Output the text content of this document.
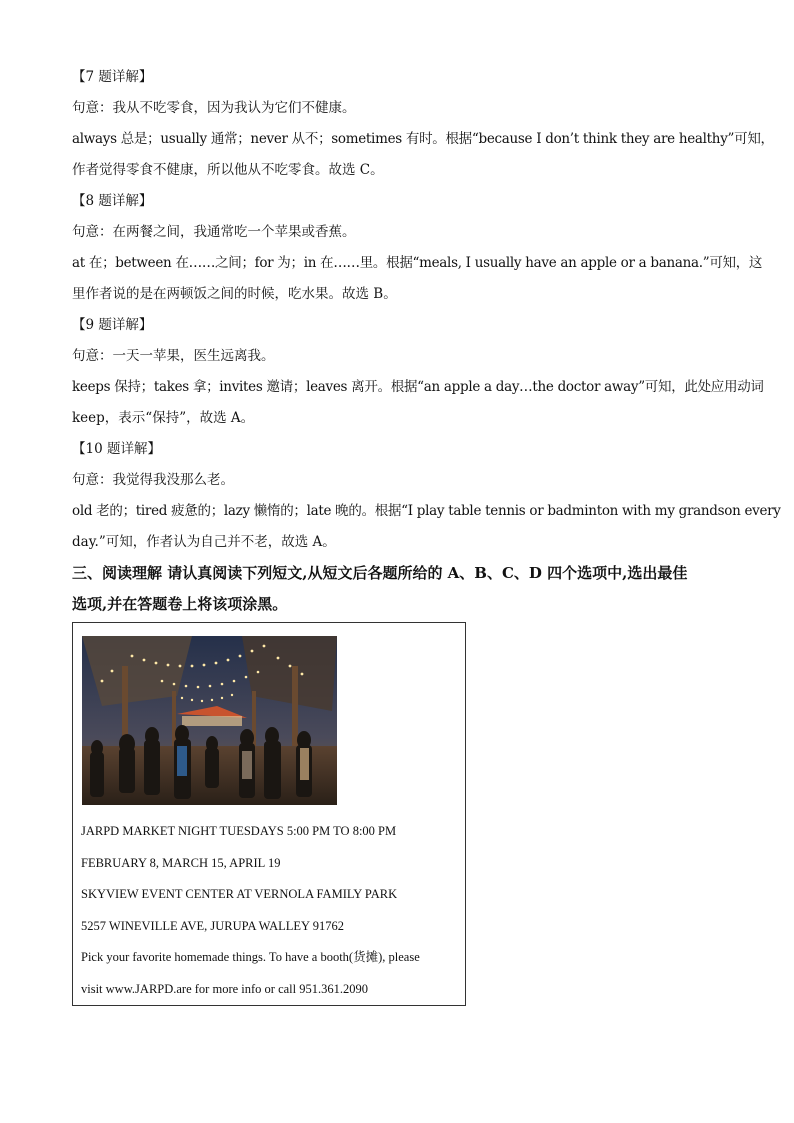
【7 题详解】
句意：我从不吃零食，因为我认为它们不健康。
always 总是；usually 通常；never 从不；sometimes 有时。根据“because I don’t think they are healthy”可知，
作者觉得零食不健康，所以他从不吃零食。故选 C。
【8 题详解】
句意：在两餐之间，我通常吃一个苹果或香蕉。
at 在；between 在……之间；for 为；in 在……里。根据“meals, I usually have an apple or a banana.”可知，这
里作者说的是在两顿饭之间的时候，吃水果。故选 B。
【9 题详解】
句意：一天一苹果，医生远离我。
keeps 保持；takes 拿；invites 邀请；leaves 离开。根据“an apple a day…the doctor away”可知，此处应用动词
keep，表示“保持”，故选 A。
【10 题详解】
句意：我觉得我没那么老。
old 老的；tired 疲惫的；lazy 懒惰的；late 晚的。根据“I play table tennis or badminton with my grandson every
day.”可知，作者认为自己并不老，故选 A。
三、阅读理解 请认真阅读下列短文,从短文后各题所给的 A、B、C、D 四个选项中,选出最佳
选项,并在答题卷上将该项涂黑。
JARPD MARKET NIGHT TUESDAYS 5:00 PM TO 8:00 PM
FEBRUARY 8, MARCH 15, APRIL 19
SKYVIEW EVENT CENTER AT VERNOLA FAMILY PARK
5257 WINEVILLE AVE, JURUPA WALLEY 91762
Pick your favorite homemade things. To have a booth(货摊), please
visit www.JARPD.are for more info or call 951.361.2090
